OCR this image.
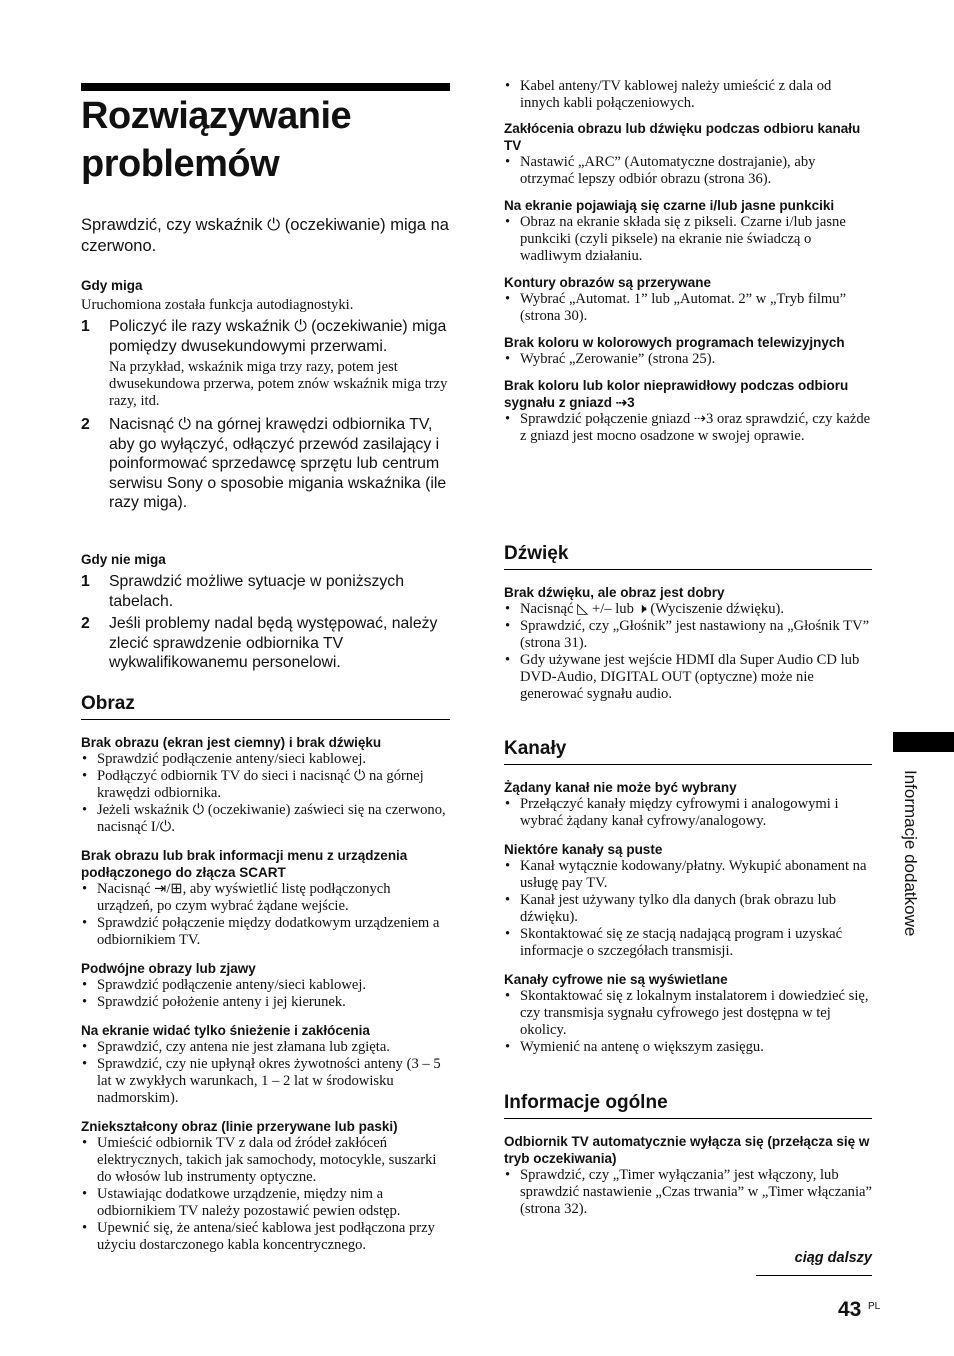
Rozwiązywanie
problemów
Sprawdzić, czy wskaźnik ⏻ (oczekiwanie) miga na czerwono.

Gdy miga

Uruchomiona została funkcja autodiagnostyki.

1	Policzyć ile razy wskaźnik ⏻ (oczekiwanie) miga pomiędzy dwusekundowymi przerwami.

Na przykład, wskaźnik miga trzy razy, potem jest dwusekundowa przerwa, potem znów wskaźnik miga trzy razy, itd.

2	Nacisnąć ⏻ na górnej krawędzi odbiornika TV, aby go wyłączyć, odłączyć przewód zasilający i poinformować sprzedawcę sprzętu lub centrum serwisu Sony o sposobie migania wskaźnika (ile razy miga).

Gdy nie miga

1	Sprawdzić możliwe sytuacje w poniższych tabelach.
2	Jeśli problemy nadal będą występować, należy zlecić sprawdzenie odbiornika TV wykwalifikowanemu personelowi.
Obraz

Brak obrazu (ekran jest ciemny) i brak dźwięku

• Sprawdzić podłączenie anteny/sieci kablowej.
• Podłączyć odbiornik TV do sieci i nacisnąć ⏻ na górnej krawędzi odbiornika.
• Jeżeli wskaźnik ⏻ (oczekiwanie) zaświeci się na czerwono, nacisnąć I/⏻.

Brak obrazu lub brak informacji menu z urządzenia podłączonego do złącza SCART

• Nacisnąć ⇥/⊞, aby wyświetlić listę podłączonych urządzeń, po czym wybrać żądane wejście.
• Sprawdzić połączenie między dodatkowym urządzeniem a odbiornikiem TV.

Podwójne obrazy lub zjawy

• Sprawdzić podłączenie anteny/sieci kablowej.
• Sprawdzić położenie anteny i jej kierunek.

Na ekranie widać tylko śnieżenie i zakłócenia

• Sprawdzić, czy antena nie jest złamana lub zgięta.
• Sprawdzić, czy nie upłynął okres żywotności anteny (3 – 5 lat w zwykłych warunkach, 1 – 2 lat w środowisku nadmorskim).

Zniekształcony obraz (linie przerywane lub paski)

• Umieścić odbiornik TV z dala od źródeł zakłóceń elektrycznych, takich jak samochody, motocykle, suszarki do włosów lub instrumenty optyczne.
• Ustawiając dodatkowe urządzenie, między nim a odbiornikiem TV należy pozostawić pewien odstęp.
• Upewnić się, że antena/sieć kablowa jest podłączona przy użyciu dostarczonego kabla koncentrycznego.
• Kabel anteny/TV kablowej należy umieścić z dala od innych kabli połączeniowych.

Zakłócenia obrazu lub dźwięku podczas odbioru kanału TV

• Nastawić „ARC” (Automatyczne dostrajanie), aby otrzymać lepszy odbiór obrazu (strona 36).

Na ekranie pojawiają się czarne i/lub jasne punkciki

• Obraz na ekranie składa się z pikseli. Czarne i/lub jasne punkciki (czyli piksele) na ekranie nie świadczą o wadliwym działaniu.

Kontury obrazów są przerywane

• Wybrać „Automat. 1” lub „Automat. 2” w „Tryb filmu” (strona 30).

Brak koloru w kolorowych programach telewizyjnych

• Wybrać „Zerowanie” (strona 25).

Brak koloru lub kolor nieprawidłowy podczas odbioru sygnału z gniazd ⇢3

• Sprawdzić połączenie gniazd ⇢3 oraz sprawdzić, czy każde z gniazd jest mocno osadzone w swojej oprawie.
Dźwięk

Brak dźwięku, ale obraz jest dobry

• Nacisnąć ◺ +/– lub 🕨 (Wyciszenie dźwięku).
• Sprawdzić, czy „Głośnik” jest nastawiony na „Głośnik TV” (strona 31).
• Gdy używane jest wejście HDMI dla Super Audio CD lub DVD-Audio, DIGITAL OUT (optyczne) może nie generować sygnału audio.
Kanały

Żądany kanał nie może być wybrany

• Przełączyć kanały między cyfrowymi i analogowymi i wybrać żądany kanał cyfrowy/analogowy.

Niektóre kanały są puste

• Kanał wytącznie kodowany/płatny. Wykupić abonament na usługę pay TV.
• Kanał jest używany tylko dla danych (brak obrazu lub dźwięku).
• Skontaktować się ze stacją nadającą program i uzyskać informacje o szczegółach transmisji.

Kanały cyfrowe nie są wyświetlane

• Skontaktować się z lokalnym instalatorem i dowiedzieć się, czy transmisja sygnału cyfrowego jest dostępna w tej okolicy.
• Wymienić na antenę o większym zasięgu.
Informacje ogólne

Odbiornik TV automatycznie wyłącza się (przełącza się w tryb oczekiwania)

• Sprawdzić, czy „Timer wyłączania” jest włączony, lub sprawdzić nastawienie „Czas trwania” w „Timer włączania” (strona 32).
Informacje dodatkowe
ciąg dalszy
43 PL
